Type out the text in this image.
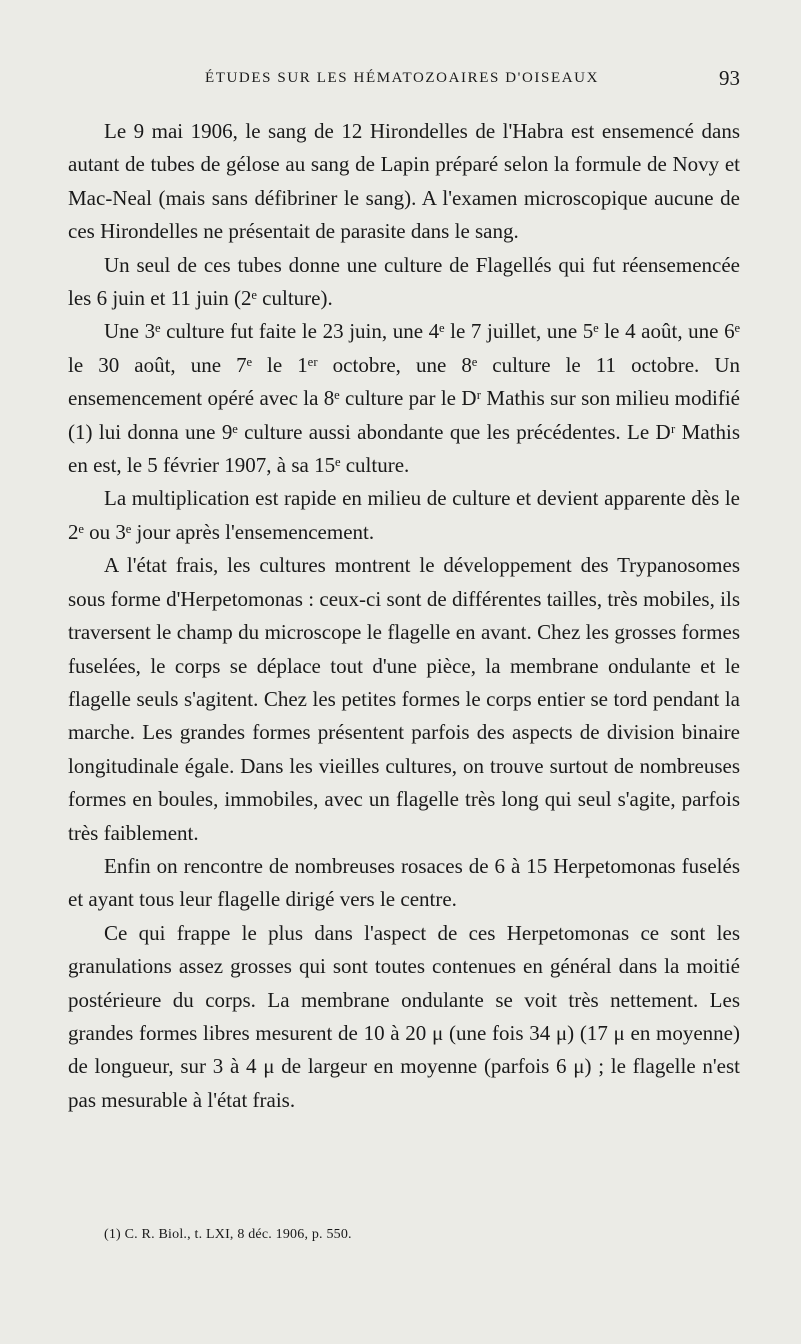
ÉTUDES SUR LES HÉMATOZOAIRES D'OISEAUX	93

Le 9 mai 1906, le sang de 12 Hirondelles de l'Habra est ensemencé dans autant de tubes de gélose au sang de Lapin préparé selon la formule de Novy et Mac-Neal (mais sans défibriner le sang). A l'examen microscopique aucune de ces Hirondelles ne présentait de parasite dans le sang.

Un seul de ces tubes donne une culture de Flagellés qui fut réensemencée les 6 juin et 11 juin (2ᵉ culture).

Une 3ᵉ culture fut faite le 23 juin, une 4ᵉ le 7 juillet, une 5ᵉ le 4 août, une 6ᵉ le 30 août, une 7ᵉ le 1ᵉʳ octobre, une 8ᵉ culture le 11 octobre. Un ensemencement opéré avec la 8ᵉ culture par le Dʳ Mathis sur son milieu modifié (1) lui donna une 9ᵉ culture aussi abondante que les précédentes. Le Dʳ Mathis en est, le 5 février 1907, à sa 15ᵉ culture.

La multiplication est rapide en milieu de culture et devient apparente dès le 2ᵉ ou 3ᵉ jour après l'ensemencement.

A l'état frais, les cultures montrent le développement des Trypanosomes sous forme d'Herpetomonas : ceux-ci sont de différentes tailles, très mobiles, ils traversent le champ du microscope le flagelle en avant. Chez les grosses formes fuselées, le corps se déplace tout d'une pièce, la membrane ondulante et le flagelle seuls s'agitent. Chez les petites formes le corps entier se tord pendant la marche. Les grandes formes présentent parfois des aspects de division binaire longitudinale égale. Dans les vieilles cultures, on trouve surtout de nombreuses formes en boules, immobiles, avec un flagelle très long qui seul s'agite, parfois très faiblement.

Enfin on rencontre de nombreuses rosaces de 6 à 15 Herpetomonas fuselés et ayant tous leur flagelle dirigé vers le centre.

Ce qui frappe le plus dans l'aspect de ces Herpetomonas ce sont les granulations assez grosses qui sont toutes contenues en général dans la moitié postérieure du corps. La membrane ondulante se voit très nettement. Les grandes formes libres mesurent de 10 à 20 μ (une fois 34 μ) (17 μ en moyenne) de longueur, sur 3 à 4 μ de largeur en moyenne (parfois 6 μ) ; le flagelle n'est pas mesurable à l'état frais.

(1) C. R. Biol., t. LXI, 8 déc. 1906, p. 550.
